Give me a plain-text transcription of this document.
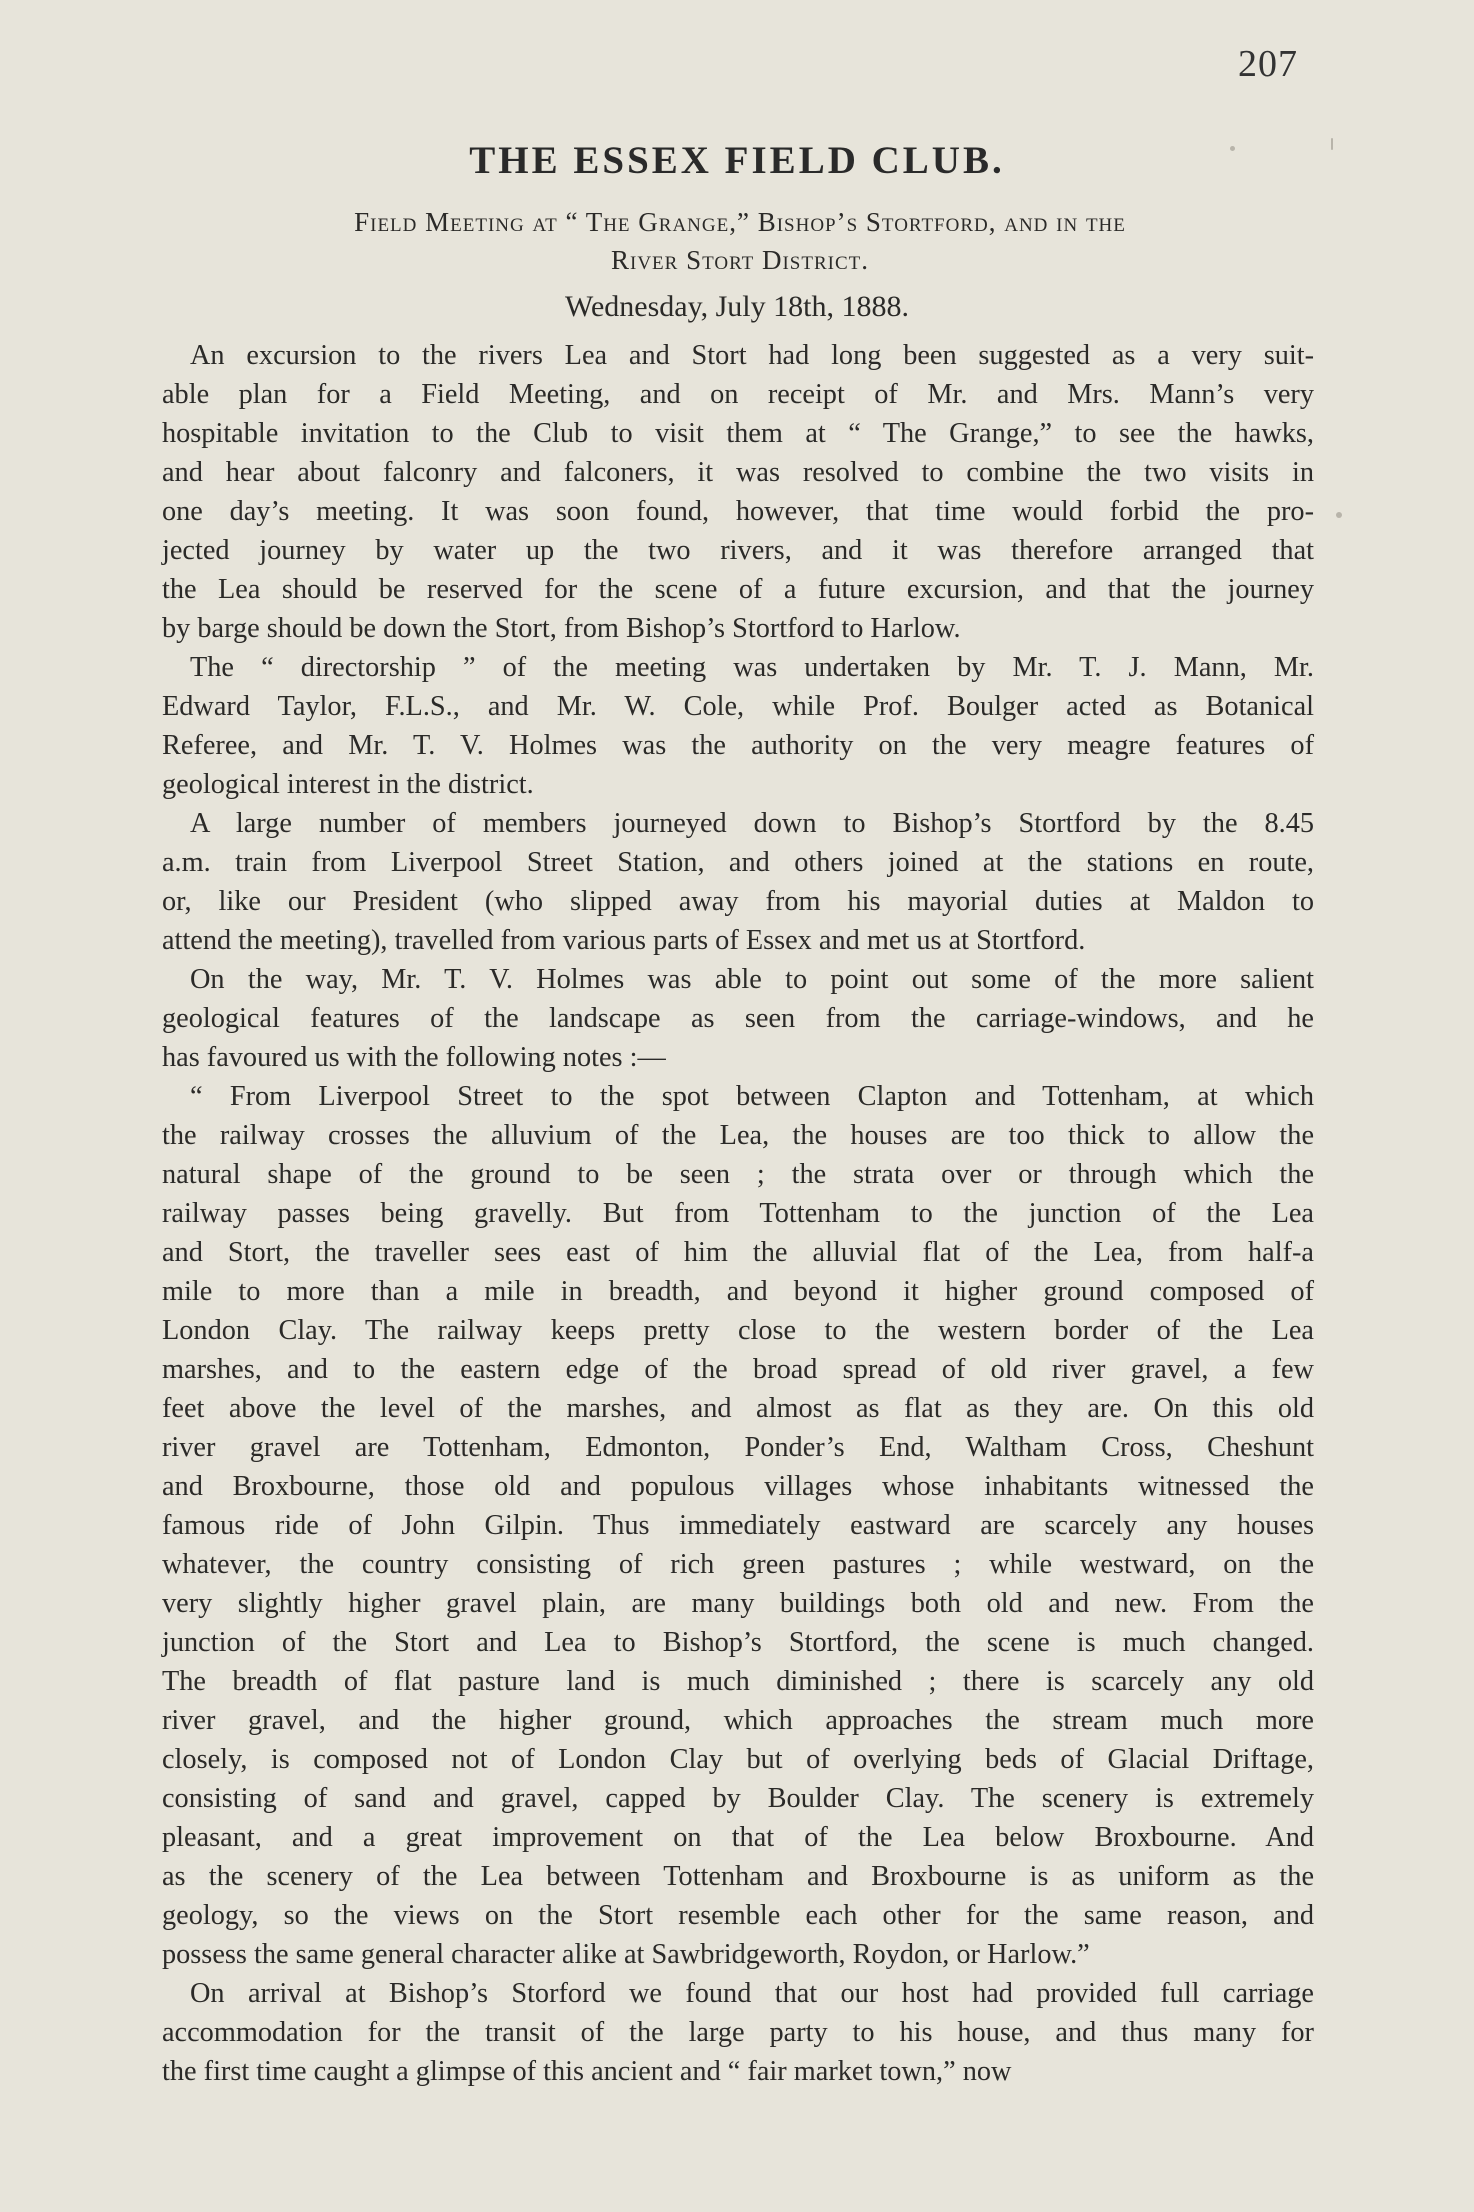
207
THE ESSEX FIELD CLUB.
Field Meeting at “ The Grange,” Bishop’s Stortford, and in the
River Stort District.
Wednesday, July 18th, 1888.

An excursion to the rivers Lea and Stort had long been suggested as a very suit-
able plan for a Field Meeting, and on receipt of Mr. and Mrs. Mann’s very
hospitable invitation to the Club to visit them at “ The Grange,” to see the hawks,
and hear about falconry and falconers, it was resolved to combine the two visits in
one day’s meeting. It was soon found, however, that time would forbid the pro-
jected journey by water up the two rivers, and it was therefore arranged that
the Lea should be reserved for the scene of a future excursion, and that the journey
by barge should be down the Stort, from Bishop’s Stortford to Harlow.

The “ directorship ” of the meeting was undertaken by Mr. T. J. Mann, Mr.
Edward Taylor, F.L.S., and Mr. W. Cole, while Prof. Boulger acted as Botanical
Referee, and Mr. T. V. Holmes was the authority on the very meagre features of
geological interest in the district.

A large number of members journeyed down to Bishop’s Stortford by the 8.45
a.m. train from Liverpool Street Station, and others joined at the stations en route,
or, like our President (who slipped away from his mayorial duties at Maldon to
attend the meeting), travelled from various parts of Essex and met us at Stortford.

On the way, Mr. T. V. Holmes was able to point out some of the more salient
geological features of the landscape as seen from the carriage-windows, and he
has favoured us with the following notes :—

“ From Liverpool Street to the spot between Clapton and Tottenham, at which
the railway crosses the alluvium of the Lea, the houses are too thick to allow the
natural shape of the ground to be seen ; the strata over or through which the
railway passes being gravelly. But from Tottenham to the junction of the Lea
and Stort, the traveller sees east of him the alluvial flat of the Lea, from half-a
mile to more than a mile in breadth, and beyond it higher ground composed of
London Clay. The railway keeps pretty close to the western border of the Lea
marshes, and to the eastern edge of the broad spread of old river gravel, a few
feet above the level of the marshes, and almost as flat as they are. On this old
river gravel are Tottenham, Edmonton, Ponder’s End, Waltham Cross, Cheshunt
and Broxbourne, those old and populous villages whose inhabitants witnessed the
famous ride of John Gilpin. Thus immediately eastward are scarcely any houses
whatever, the country consisting of rich green pastures ; while westward, on the
very slightly higher gravel plain, are many buildings both old and new. From the
junction of the Stort and Lea to Bishop’s Stortford, the scene is much changed.
The breadth of flat pasture land is much diminished ; there is scarcely any old
river gravel, and the higher ground, which approaches the stream much more
closely, is composed not of London Clay but of overlying beds of Glacial Driftage,
consisting of sand and gravel, capped by Boulder Clay. The scenery is extremely
pleasant, and a great improvement on that of the Lea below Broxbourne. And
as the scenery of the Lea between Tottenham and Broxbourne is as uniform as the
geology, so the views on the Stort resemble each other for the same reason, and
possess the same general character alike at Sawbridgeworth, Roydon, or Harlow.”

On arrival at Bishop’s Storford we found that our host had provided full carriage
accommodation for the transit of the large party to his house, and thus many for
the first time caught a glimpse of this ancient and “ fair market town,” now
